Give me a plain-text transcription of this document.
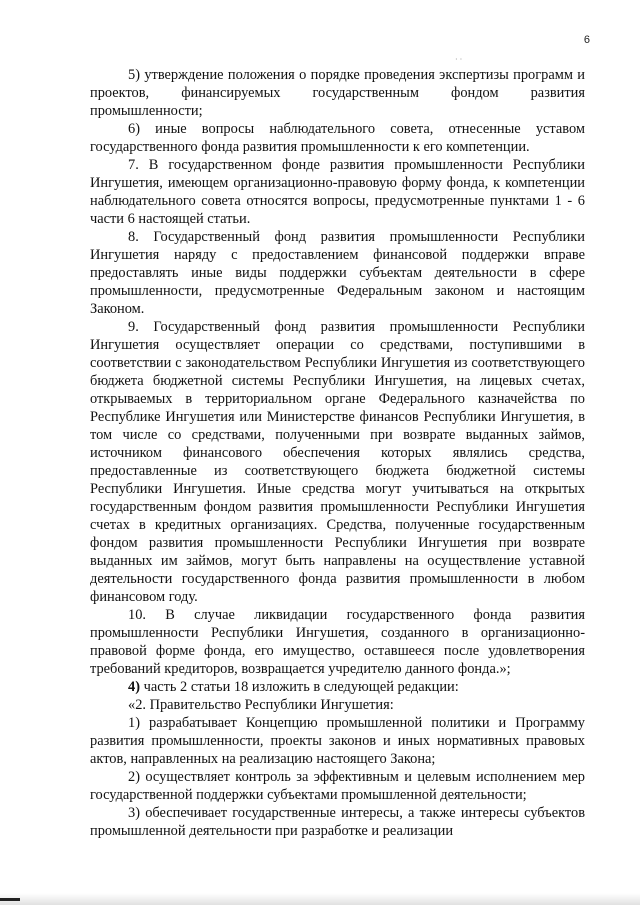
6
· ·

5) утверждение положения о порядке проведения экспертизы программ и проектов, финансируемых государственным фондом развития промышленности;

6) иные вопросы наблюдательного совета, отнесенные уставом государственного фонда развития промышленности к его компетенции.

7. В государственном фонде развития промышленности Республики Ингушетия, имеющем организационно-правовую форму фонда, к компетенции наблюдательного совета относятся вопросы, предусмотренные пунктами 1 - 6 части 6 настоящей статьи.

8. Государственный фонд развития промышленности Республики Ингушетия наряду с предоставлением финансовой поддержки вправе предоставлять иные виды поддержки субъектам деятельности в сфере промышленности, предусмотренные Федеральным законом и настоящим Законом.

9. Государственный фонд развития промышленности Республики Ингушетия осуществляет операции со средствами, поступившими в соответствии с законодательством Республики Ингушетия из соответствующего бюджета бюджетной системы Республики Ингушетия, на лицевых счетах, открываемых в территориальном органе Федерального казначейства по Республике Ингушетия или Министерстве финансов Республики Ингушетия, в том числе со средствами, полученными при возврате выданных займов, источником финансового обеспечения которых являлись средства, предоставленные из соответствующего бюджета бюджетной системы Республики Ингушетия. Иные средства могут учитываться на открытых государственным фондом развития промышленности Республики Ингушетия счетах в кредитных организациях. Средства, полученные государственным фондом развития промышленности Республики Ингушетия при возврате выданных им займов, могут быть направлены на осуществление уставной деятельности государственного фонда развития промышленности в любом финансовом году.

10. В случае ликвидации государственного фонда развития промышленности Республики Ингушетия, созданного в организационно-правовой форме фонда, его имущество, оставшееся после удовлетворения требований кредиторов, возвращается учредителю данного фонда.»;

4) часть 2 статьи 18 изложить в следующей редакции:

«2. Правительство Республики Ингушетия:

1) разрабатывает Концепцию промышленной политики и Программу развития промышленности, проекты законов и иных нормативных правовых актов, направленных на реализацию настоящего Закона;

2) осуществляет контроль за эффективным и целевым исполнением мер государственной поддержки субъектами промышленной деятельности;

3) обеспечивает государственные интересы, а также интересы субъектов промышленной деятельности при разработке и реализации
